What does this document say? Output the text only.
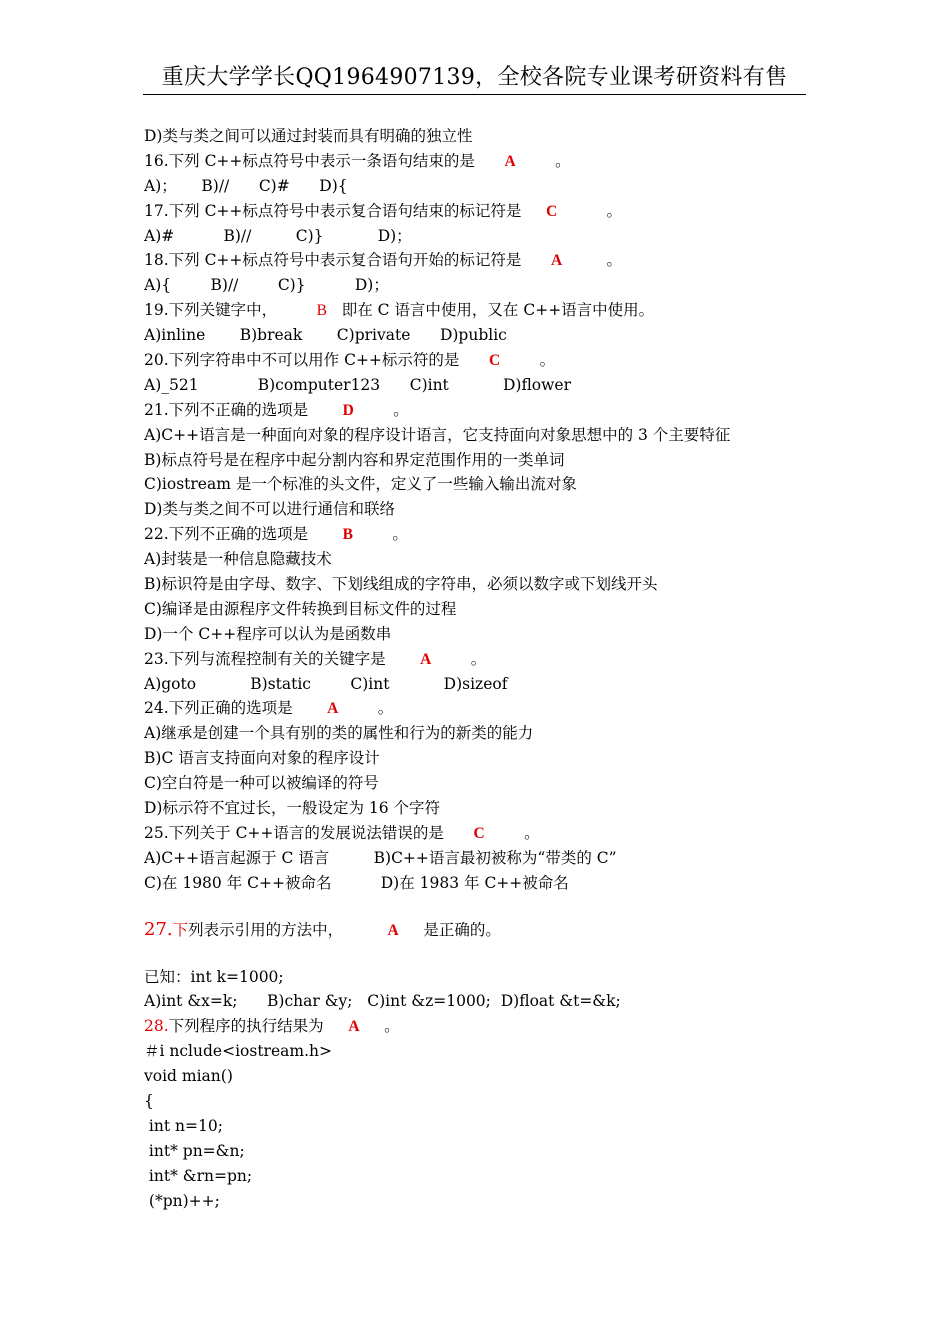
重庆大学学长QQ1964907139，全校各院专业课考研资料有售
D)类与类之间可以通过封装而具有明确的独立性
16.下列 C++标点符号中表示一条语句结束的是 A	。
A)；     B)//      C)#      D){
17.下列 C++标点符号中表示复合语句结束的标记符是 C	。
A)#          B)//         C)}           D)；
18.下列 C++标点符号中表示复合语句开始的标记符是 A	。
A){        B)//        C)}          D)；
19.下列关键字中，	B 即在 C 语言中使用，又在 C++语言中使用。
A)inline       B)break       C)private      D)public
20.下列字符串中不可以用作 C++标示符的是 C	。
A)_521            B)computer123      C)int           D)flower
21.下列不正确的选项是 D	。
A)C++语言是一种面向对象的程序设计语言，它支持面向对象思想中的 3 个主要特征
B)标点符号是在程序中起分割内容和界定范围作用的一类单词
C)iostream 是一个标准的头文件，定义了一些输入输出流对象
D)类与类之间不可以进行通信和联络
22.下列不正确的选项是 B	。
A)封装是一种信息隐藏技术
B)标识符是由字母、数字、下划线组成的字符串，必须以数字或下划线开头
C)编译是由源程序文件转换到目标文件的过程
D)一个 C++程序可以认为是函数串
23.下列与流程控制有关的关键字是 A	。
A)goto           B)static        C)int           D)sizeof
24.下列正确的选项是 A	。
A)继承是创建一个具有别的类的属性和行为的新类的能力
B)C 语言支持面向对象的程序设计
C)空白符是一种可以被编译的符号
D)标示符不宜过长，一般设定为 16 个字符
25.下列关于 C++语言的发展说法错误的是 C	。
A)C++语言起源于 C 语言         B)C++语言最初被称为“带类的 C”
C)在 1980 年 C++被命名          D)在 1983 年 C++被命名
27.下列表示引用的方法中，	A 是正确的。
已知：int k=1000;
A)int &x=k;      B)char &y;   C)int &z=1000;  D)float &t=&k;
28.下列程序的执行结果为 A 。
＃i nclude<iostream.h>
void mian()
{
int n=10;
int* pn=&n;
int* &rn=pn;
(*pn)++;
